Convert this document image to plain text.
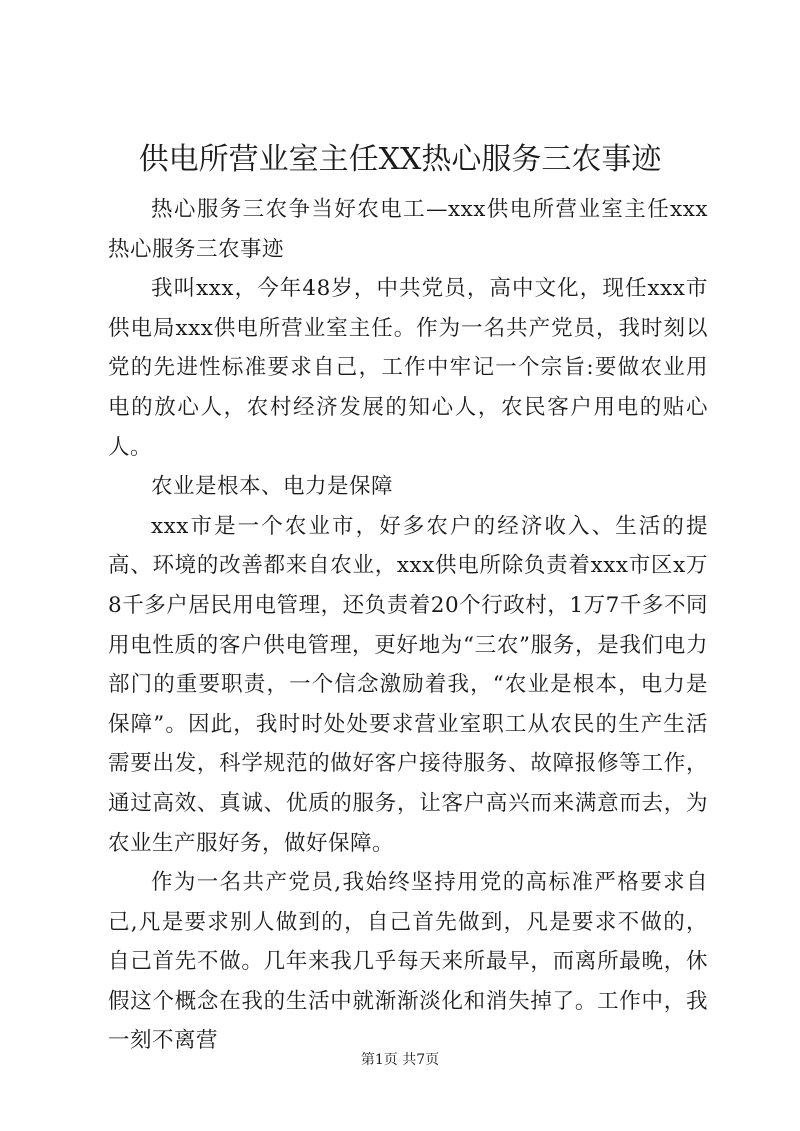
供电所营业室主任XX热心服务三农事迹

热心服务三农争当好农电工—xxx供电所营业室主任xxx热心服务三农事迹

我叫xxx，今年48岁，中共党员，高中文化，现任xxx市供电局xxx供电所营业室主任。作为一名共产党员，我时刻以党的先进性标准要求自己，工作中牢记一个宗旨:要做农业用电的放心人，农村经济发展的知心人，农民客户用电的贴心人。

农业是根本、电力是保障

xxx市是一个农业市，好多农户的经济收入、生活的提高、环境的改善都来自农业，xxx供电所除负责着xxx市区x万8千多户居民用电管理，还负责着20个行政村，1万7千多不同用电性质的客户供电管理，更好地为“三农”服务，是我们电力部门的重要职责，一个信念激励着我，“农业是根本，电力是保障”。因此，我时时处处要求营业室职工从农民的生产生活需要出发，科学规范的做好客户接待服务、故障报修等工作，通过高效、真诚、优质的服务，让客户高兴而来满意而去，为农业生产服好务，做好保障。

作为一名共产党员,我始终坚持用党的高标准严格要求自己,凡是要求别人做到的，自己首先做到，凡是要求不做的，自己首先不做。几年来我几乎每天来所最早，而离所最晚，休假这个概念在我的生活中就渐渐淡化和消失掉了。工作中，我一刻不离营

第1页 共7页
